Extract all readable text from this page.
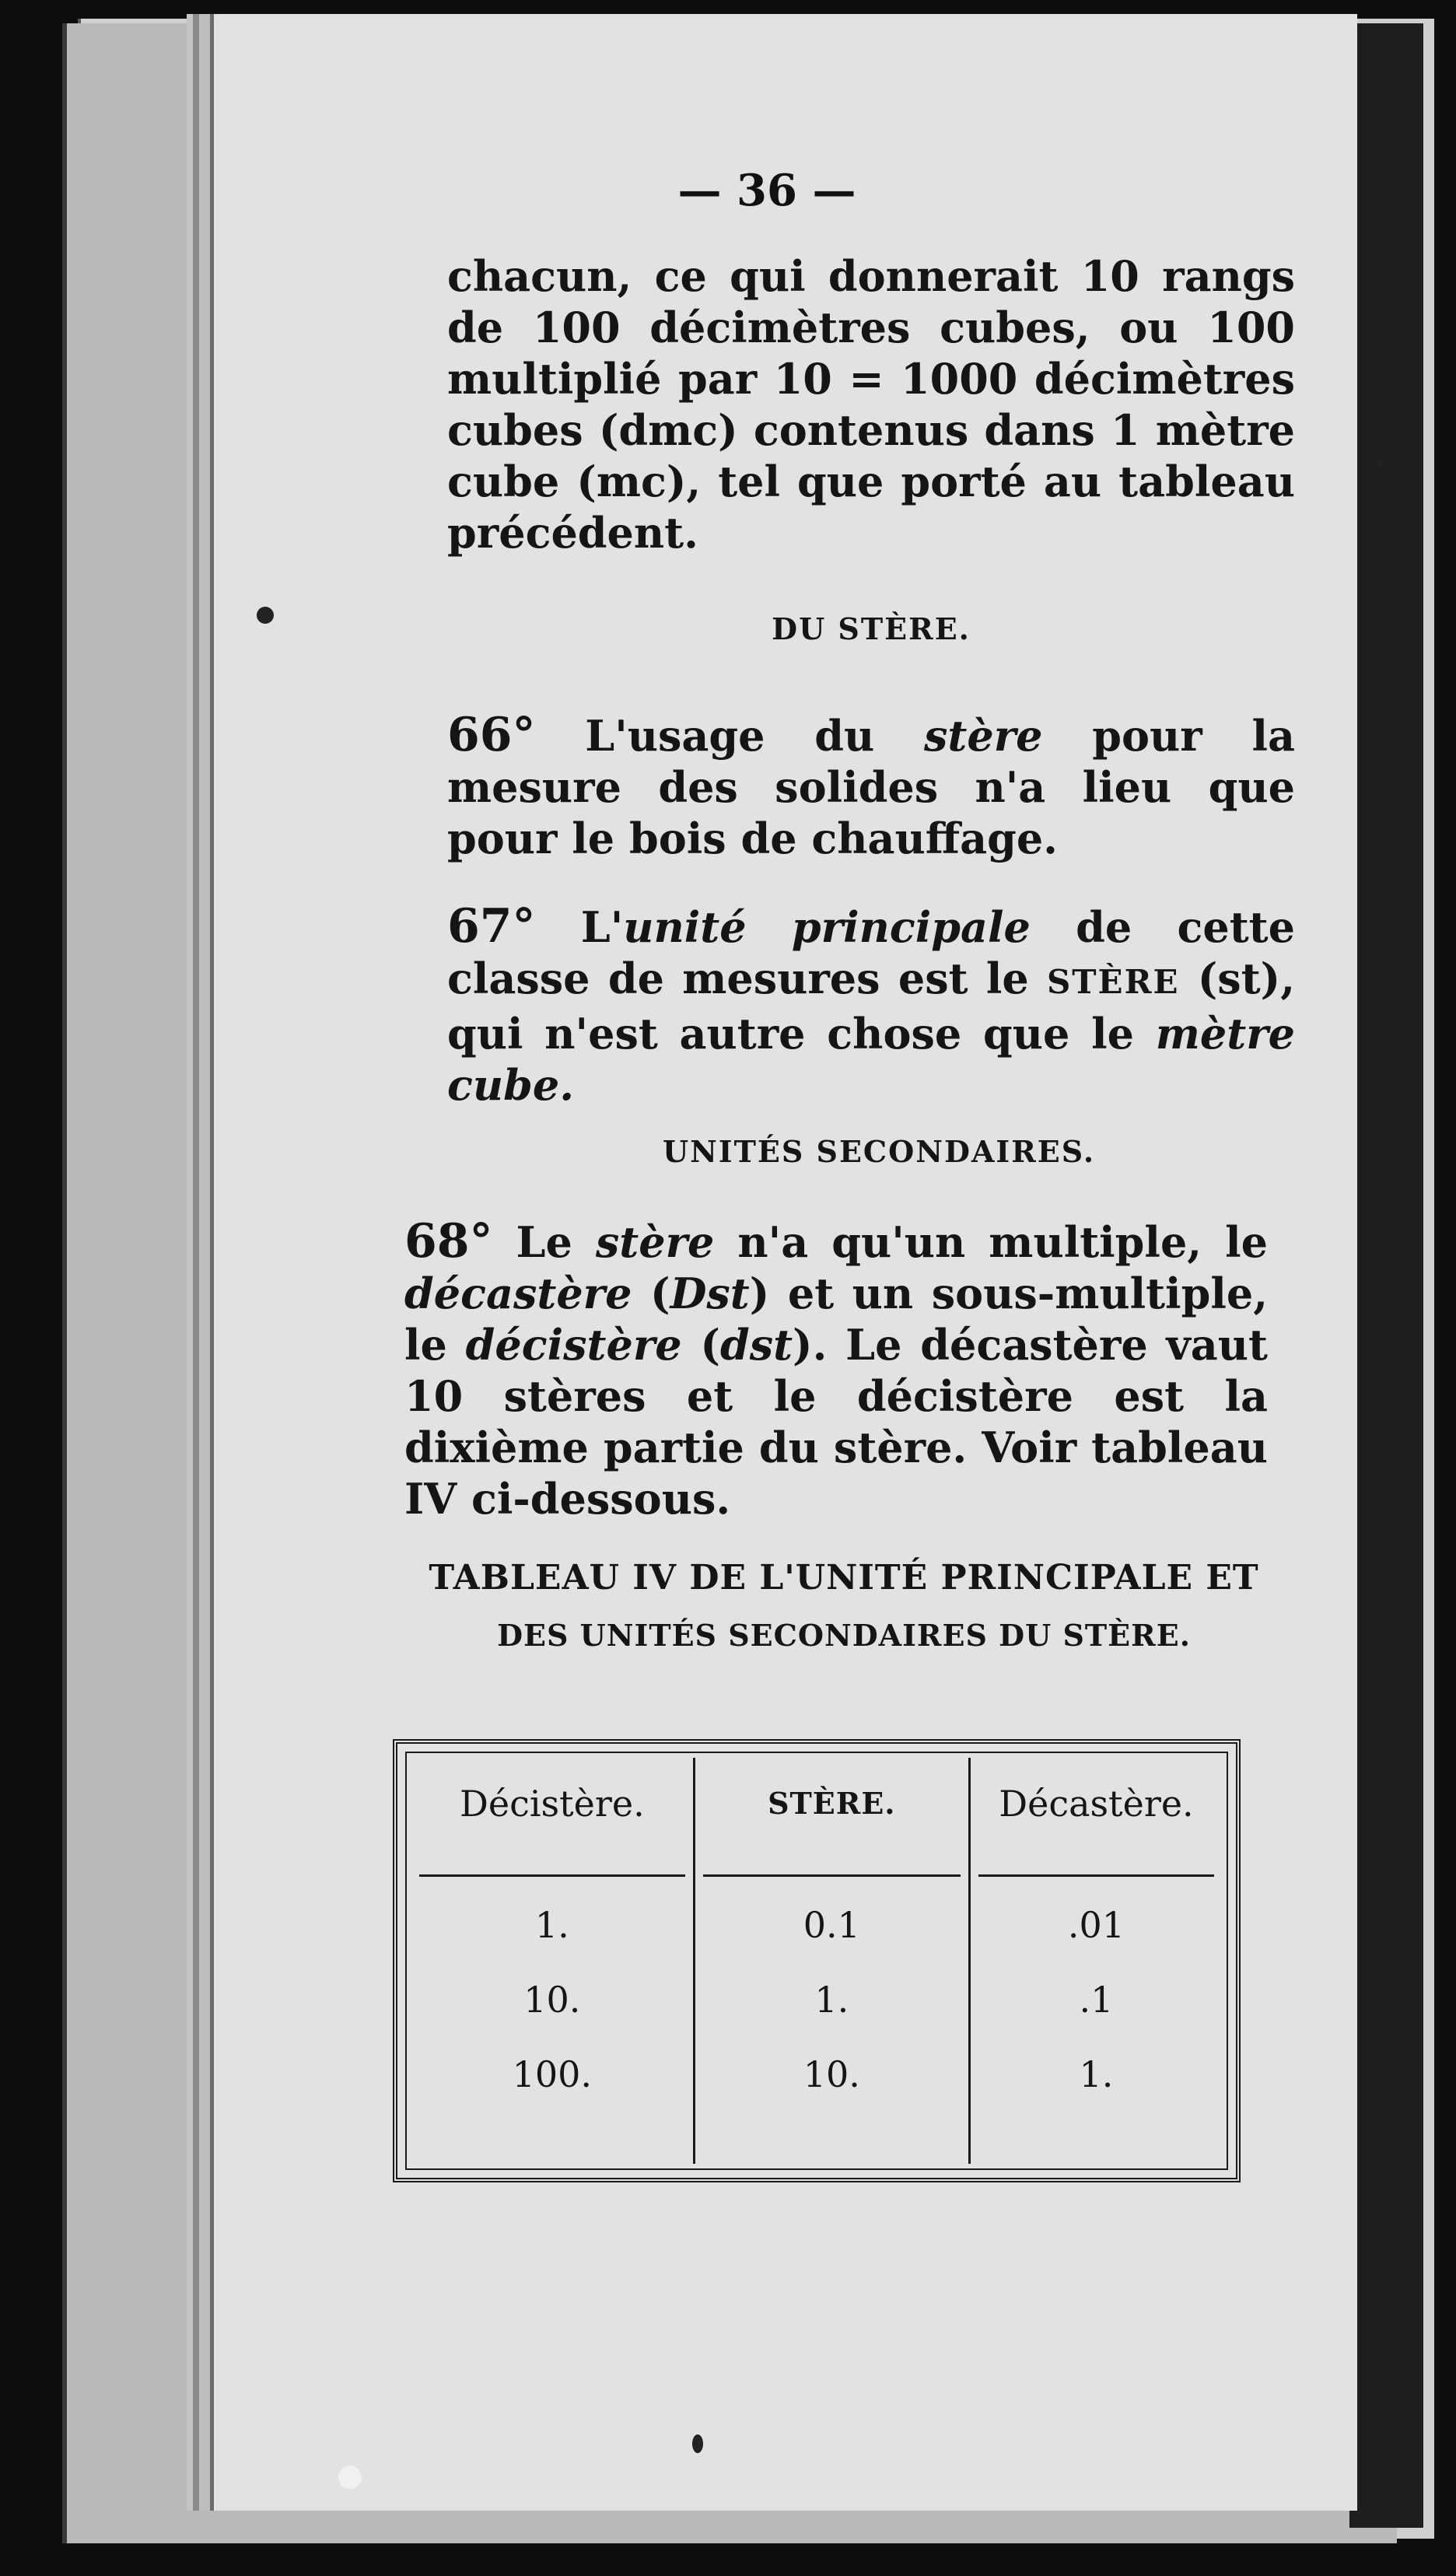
— 36 —
chacun, ce qui donnerait 10 rangs de 100 décimètres cubes, ou 100 multiplié par 10 = 1000 décimètres cubes (dmc) contenus dans 1 mètre cube (mc), tel que porté au tableau précédent.
DU STÈRE.
66° L'usage du stère pour la mesure des solides n'a lieu que pour le bois de chauffage.
67° L'unité principale de cette classe de mesures est le STÈRE (st), qui n'est autre chose que le mètre cube.
UNITÉS SECONDAIRES.
68° Le stère n'a qu'un multiple, le décastère (Dst) et un sous-multiple, le décistère (dst). Le décastère vaut 10 stères et le décistère est la dixième partie du stère. Voir tableau IV ci-dessous.
TABLEAU IV DE L'UNITÉ PRINCIPALE ET
DES UNITÉS SECONDAIRES DU STÈRE.
Décistère.
1.
10.
100.
STÈRE.
0.1
1.
10.
Décastère.
.01
.1
1.
